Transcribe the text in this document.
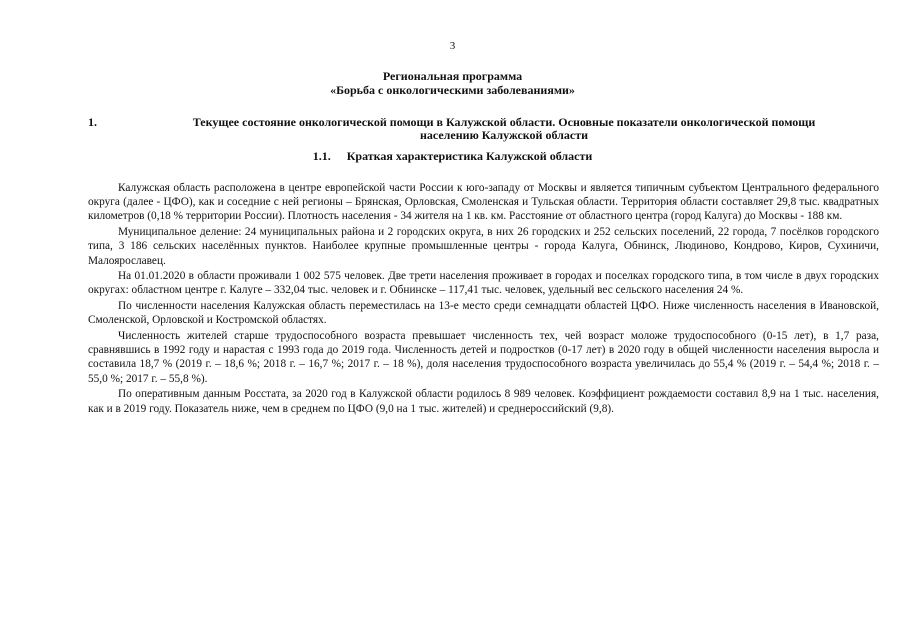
3
Региональная программа
«Борьба с онкологическими заболеваниями»
1.	Текущее состояние онкологической помощи в Калужской области. Основные показатели онкологической помощи
населению Калужской области
1.1. Краткая характеристика Калужской области

Калужская область расположена в центре европейской части России к юго-западу от Москвы и является типичным субъектом Центрального федерального округа (далее - ЦФО), как и соседние с ней регионы – Брянская, Орловская, Смоленская и Тульская области. Территория области составляет 29,8 тыс. квадратных километров (0,18 % территории России). Плотность населения - 34 жителя на 1 кв. км. Расстояние от областного центра (город Калуга) до Москвы - 188 км.

Муниципальное деление: 24 муниципальных района и 2 городских округа, в них 26 городских и 252 сельских поселений, 22 города, 7 посёлков городского типа, 3 186 сельских населённых пунктов. Наиболее крупные промышленные центры - города Калуга, Обнинск, Людиново, Кондрово, Киров, Сухиничи, Малоярославец.

На 01.01.2020 в области проживали 1 002 575 человек. Две трети населения проживает в городах и поселках городского типа, в том числе в двух городских округах: областном центре г. Калуге – 332,04 тыс. человек и г. Обнинске – 117,41 тыс. человек, удельный вес сельского населения 24 %.

По численности населения Калужская область переместилась на 13-е место среди семнадцати областей ЦФО. Ниже численность населения в Ивановской, Смоленской, Орловской и Костромской областях.

Численность жителей старше трудоспособного возраста превышает численность тех, чей возраст моложе трудоспособного (0-15 лет), в 1,7 раза, сравнявшись в 1992 году и нарастая с 1993 года до 2019 года. Численность детей и подростков (0-17 лет) в 2020 году в общей численности населения выросла и составила 18,7 % (2019 г. – 18,6 %; 2018 г. – 16,7 %; 2017 г. – 18 %), доля населения трудоспособного возраста увеличилась до 55,4 % (2019 г. – 54,4 %; 2018 г. – 55,0 %; 2017 г. – 55,8 %).

По оперативным данным Росстата, за 2020 год в Калужской области родилось 8 989 человек. Коэффициент рождаемости составил 8,9 на 1 тыс. населения, как и в 2019 году. Показатель ниже, чем в среднем по ЦФО (9,0 на 1 тыс. жителей) и среднероссийский (9,8).
